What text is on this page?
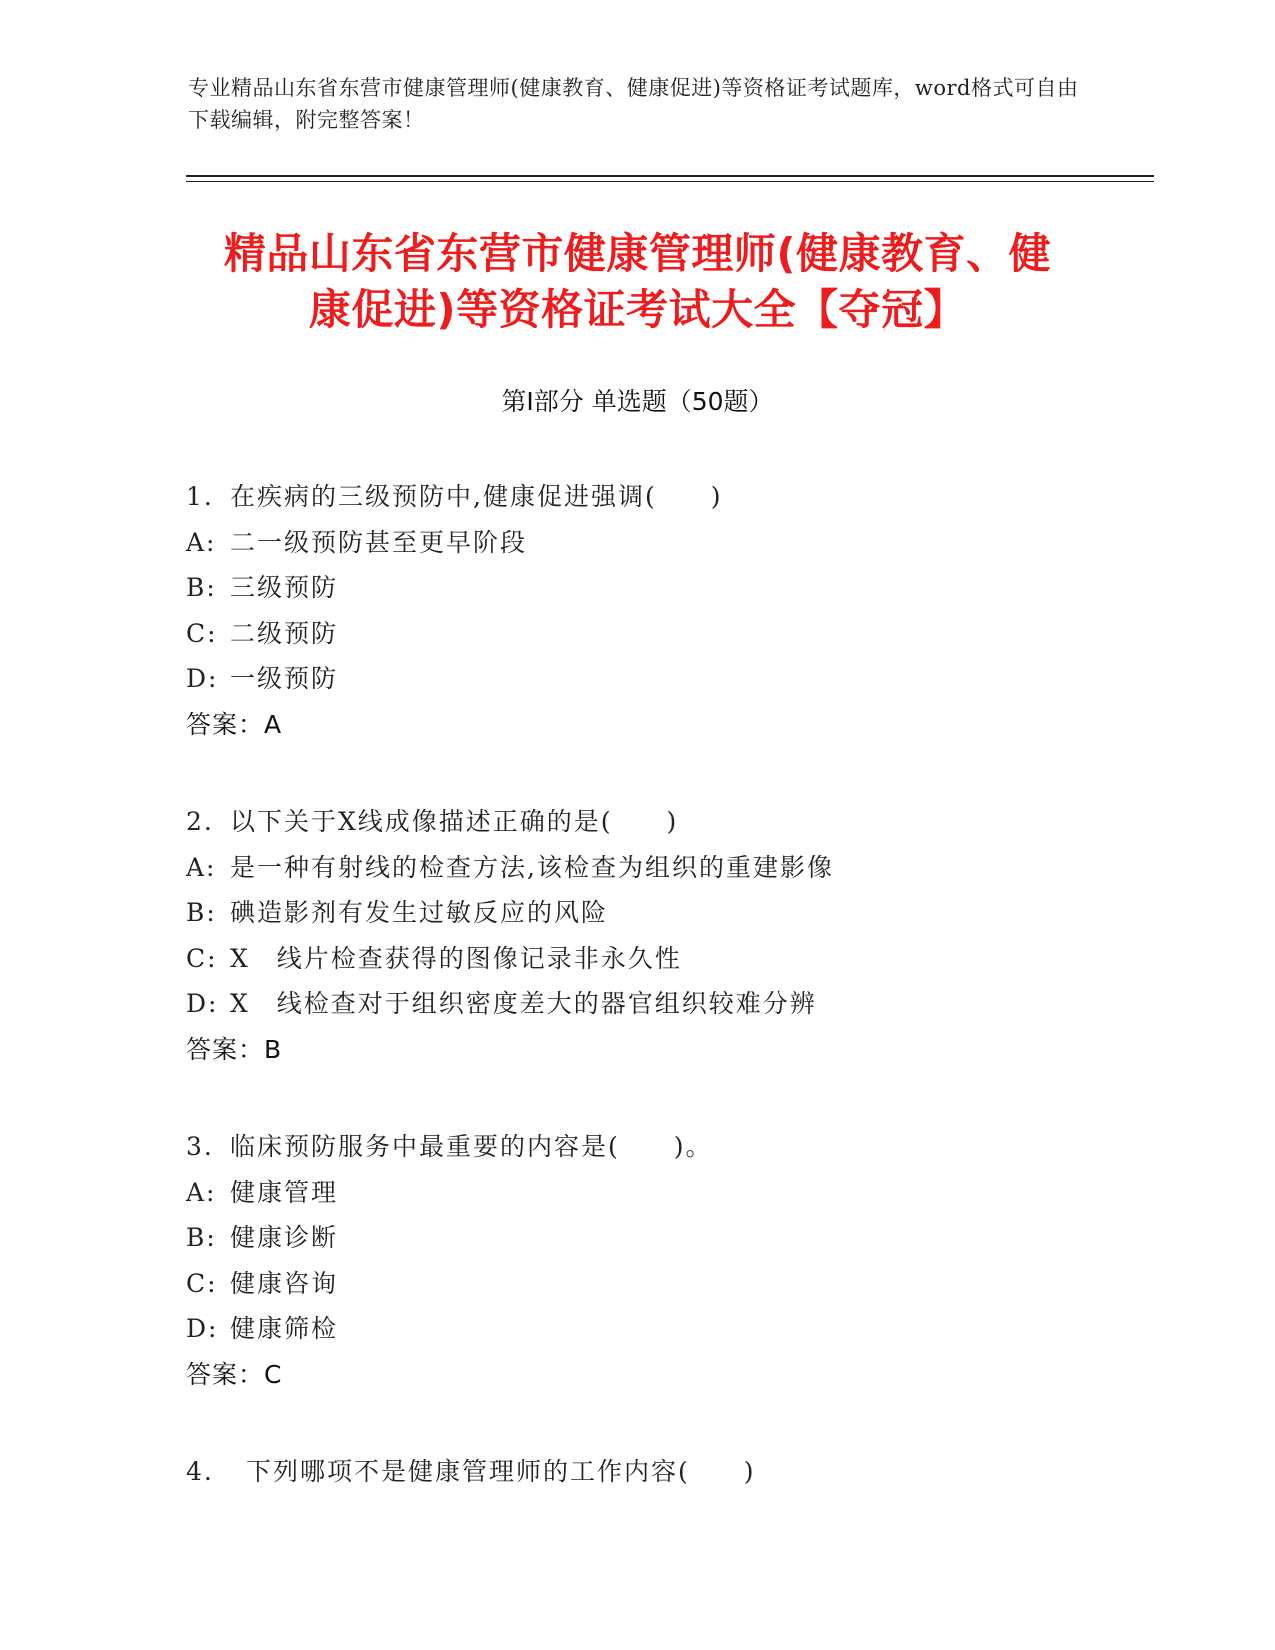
专业精品山东省东营市健康管理师(健康教育、健康促进)等资格证考试题库，word格式可自由下载编辑，附完整答案！
精品山东省东营市健康管理师(健康教育、健
康促进)等资格证考试大全【夺冠】
第Ⅰ部分 单选题（50题）
1. 在疾病的三级预防中,健康促进强调(　　)
A: 二一级预防甚至更早阶段
B: 三级预防
C: 二级预防
D: 一级预防
答案：A
2. 以下关于X线成像描述正确的是(　　)
A: 是一种有射线的检查方法,该检查为组织的重建影像
B: 碘造影剂有发生过敏反应的风险
C: X　线片检查获得的图像记录非永久性
D: X　线检查对于组织密度差大的器官组织较难分辨
答案：B
3. 临床预防服务中最重要的内容是(　　)。
A: 健康管理
B: 健康诊断
C: 健康咨询
D: 健康筛检
答案：C
4. 下列哪项不是健康管理师的工作内容(　　)
